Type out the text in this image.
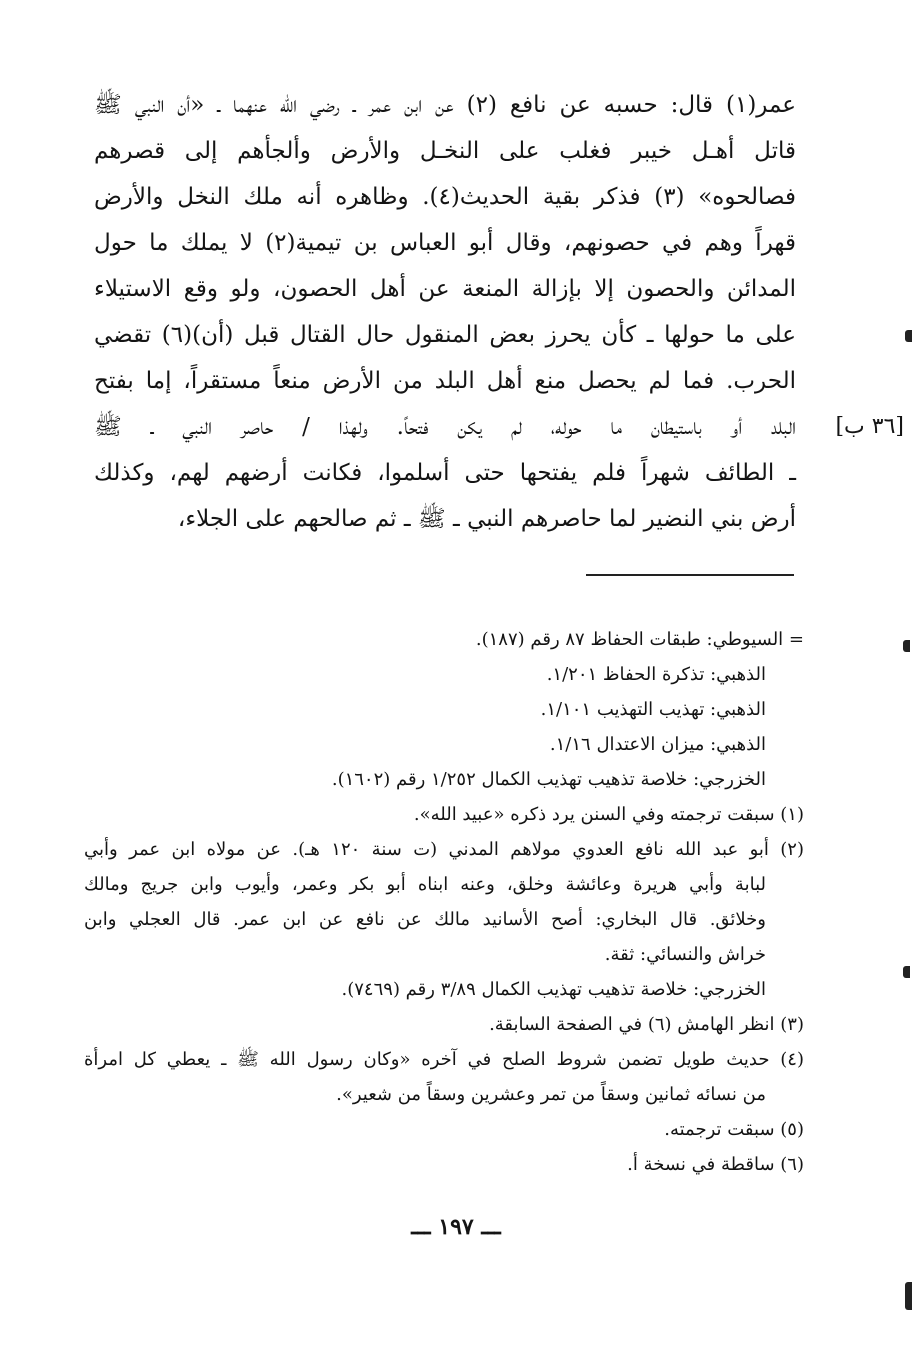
عمر(١) قال: حسبه عن نافع (٢) عن ابن عمر ـ رضي الله عنهما ـ «أن النبي ﷺ
قاتل أهـل خيبر فغلب على النخـل والأرض وألجأهم إلى قصرهم
فصالحوه» (٣) فذكر بقية الحديث(٤). وظاهره أنه ملك النخل والأرض
قهراً وهم في حصونهم، وقال أبو العباس بن تيمية(٢) لا يملك ما حول
المدائن والحصون إلا بإزالة المنعة عن أهل الحصون، ولو وقع الاستيلاء
على ما حولها ـ كأن يحرز بعض المنقول حال القتال قبل (أن)(٦) تقضي
الحرب. فما لم يحصل منع أهل البلد من الأرض منعاً مستقراً، إما بفتح
البلد أو باستيطان ما حوله، لم يكن فتحاً. ولهذا / حاصر النبي ـ ﷺ
ـ الطائف شهراً فلم يفتحها حتى أسلموا، فكانت أرضهم لهم، وكذلك
أرض بني النضير لما حاصرهم النبي ـ ﷺ ـ ثم صالحهم على الجلاء،
[٣٦ ب]
= السيوطي: طبقات الحفاظ ٨٧ رقم (١٨٧).
الذهبي: تذكرة الحفاظ ١/٢٠١.
الذهبي: تهذيب التهذيب ١/١٠١.
الذهبي: ميزان الاعتدال ١/١٦.
الخزرجي: خلاصة تذهيب تهذيب الكمال ١/٢٥٢ رقم (١٦٠٢).
(١) سبقت ترجمته وفي السنن يرد ذكره «عبيد الله».
(٢) أبو عبد الله نافع العدوي مولاهم المدني (ت سنة ١٢٠ هـ). عن مولاه ابن عمر وأبي
لبابة وأبي هريرة وعائشة وخلق، وعنه ابناه أبو بكر وعمر، وأيوب وابن جريج ومالك
وخلائق. قال البخاري: أصح الأسانيد مالك عن نافع عن ابن عمر. قال العجلي وابن
خراش والنسائي: ثقة.
الخزرجي: خلاصة تذهيب تهذيب الكمال ٣/٨٩ رقم (٧٤٦٩).
(٣) انظر الهامش (٦) في الصفحة السابقة.
(٤) حديث طويل تضمن شروط الصلح في آخره «وكان رسول الله ﷺ ـ يعطي كل امرأة
من نسائه ثمانين وسقاً من تمر وعشرين وسقاً من شعير».
(٥) سبقت ترجمته.
(٦) ساقطة في نسخة أ.
ـــ ١٩٧ ـــ
